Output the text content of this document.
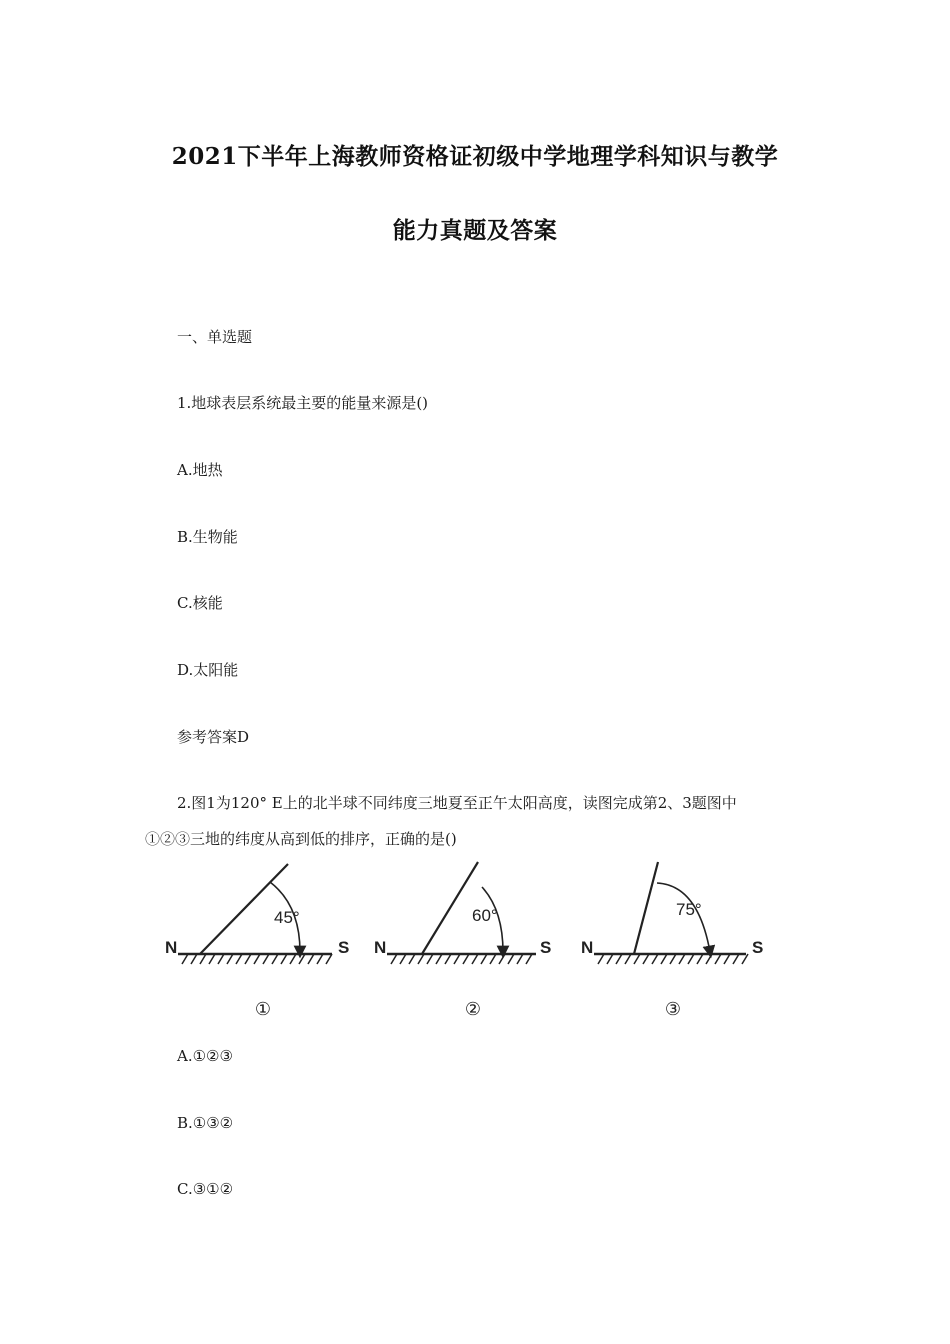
2021下半年上海教师资格证初级中学地理学科知识与教学
能力真题及答案
一、单选题
1.地球表层系统最主要的能量来源是()
A.地热
B.生物能
C.核能
D.太阳能
参考答案D
2.图1为120° E上的北半球不同纬度三地夏至正午太阳高度，读图完成第2、3题图中
①②③三地的纬度从高到低的排序，正确的是()
N	S
45°
N	S
60°
N	S
75°
①	②	③
A.①②③
B.①③②
C.③①②
